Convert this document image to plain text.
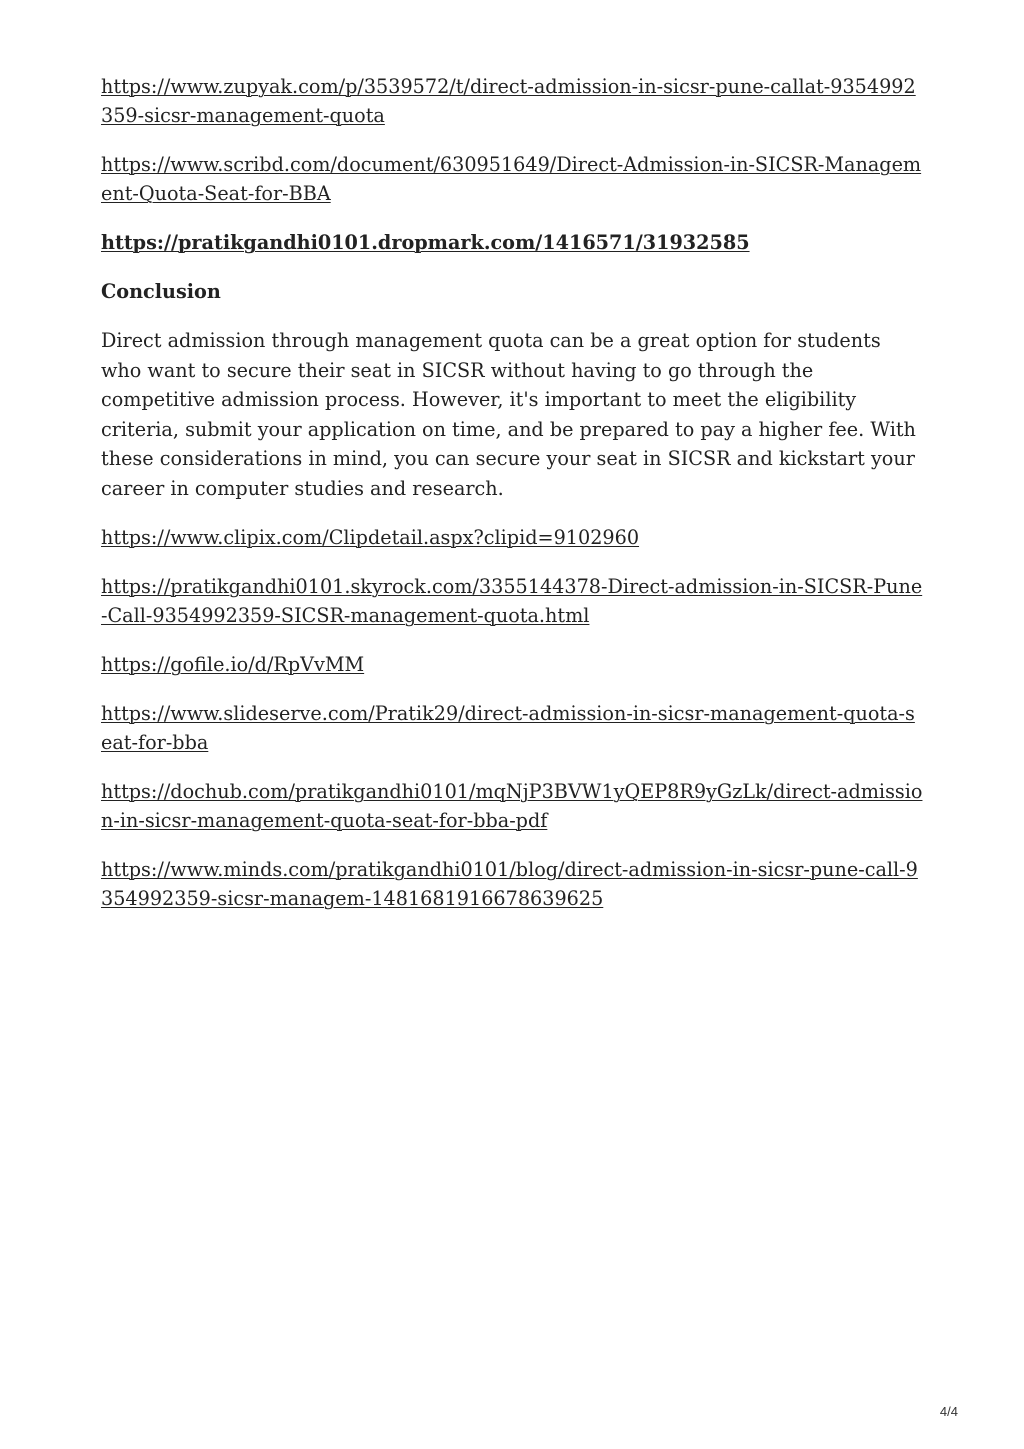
https://www.zupyak.com/p/3539572/t/direct-admission-in-sicsr-pune-callat-9354992359-sicsr-management-quota

https://www.scribd.com/document/630951649/Direct-Admission-in-SICSR-Management-Quota-Seat-for-BBA

https://pratikgandhi0101.dropmark.com/1416571/31932585

Conclusion

Direct admission through management quota can be a great option for students who want to secure their seat in SICSR without having to go through the competitive admission process. However, it's important to meet the eligibility criteria, submit your application on time, and be prepared to pay a higher fee. With these considerations in mind, you can secure your seat in SICSR and kickstart your career in computer studies and research.

https://www.clipix.com/Clipdetail.aspx?clipid=9102960

https://pratikgandhi0101.skyrock.com/3355144378-Direct-admission-in-SICSR-Pune-Call-9354992359-SICSR-management-quota.html

https://gofile.io/d/RpVvMM

https://www.slideserve.com/Pratik29/direct-admission-in-sicsr-management-quota-seat-for-bba

https://dochub.com/pratikgandhi0101/mqNjP3BVW1yQEP8R9yGzLk/direct-admission-in-sicsr-management-quota-seat-for-bba-pdf

https://www.minds.com/pratikgandhi0101/blog/direct-admission-in-sicsr-pune-call-9354992359-sicsr-managem-1481681916678639625

4/4
